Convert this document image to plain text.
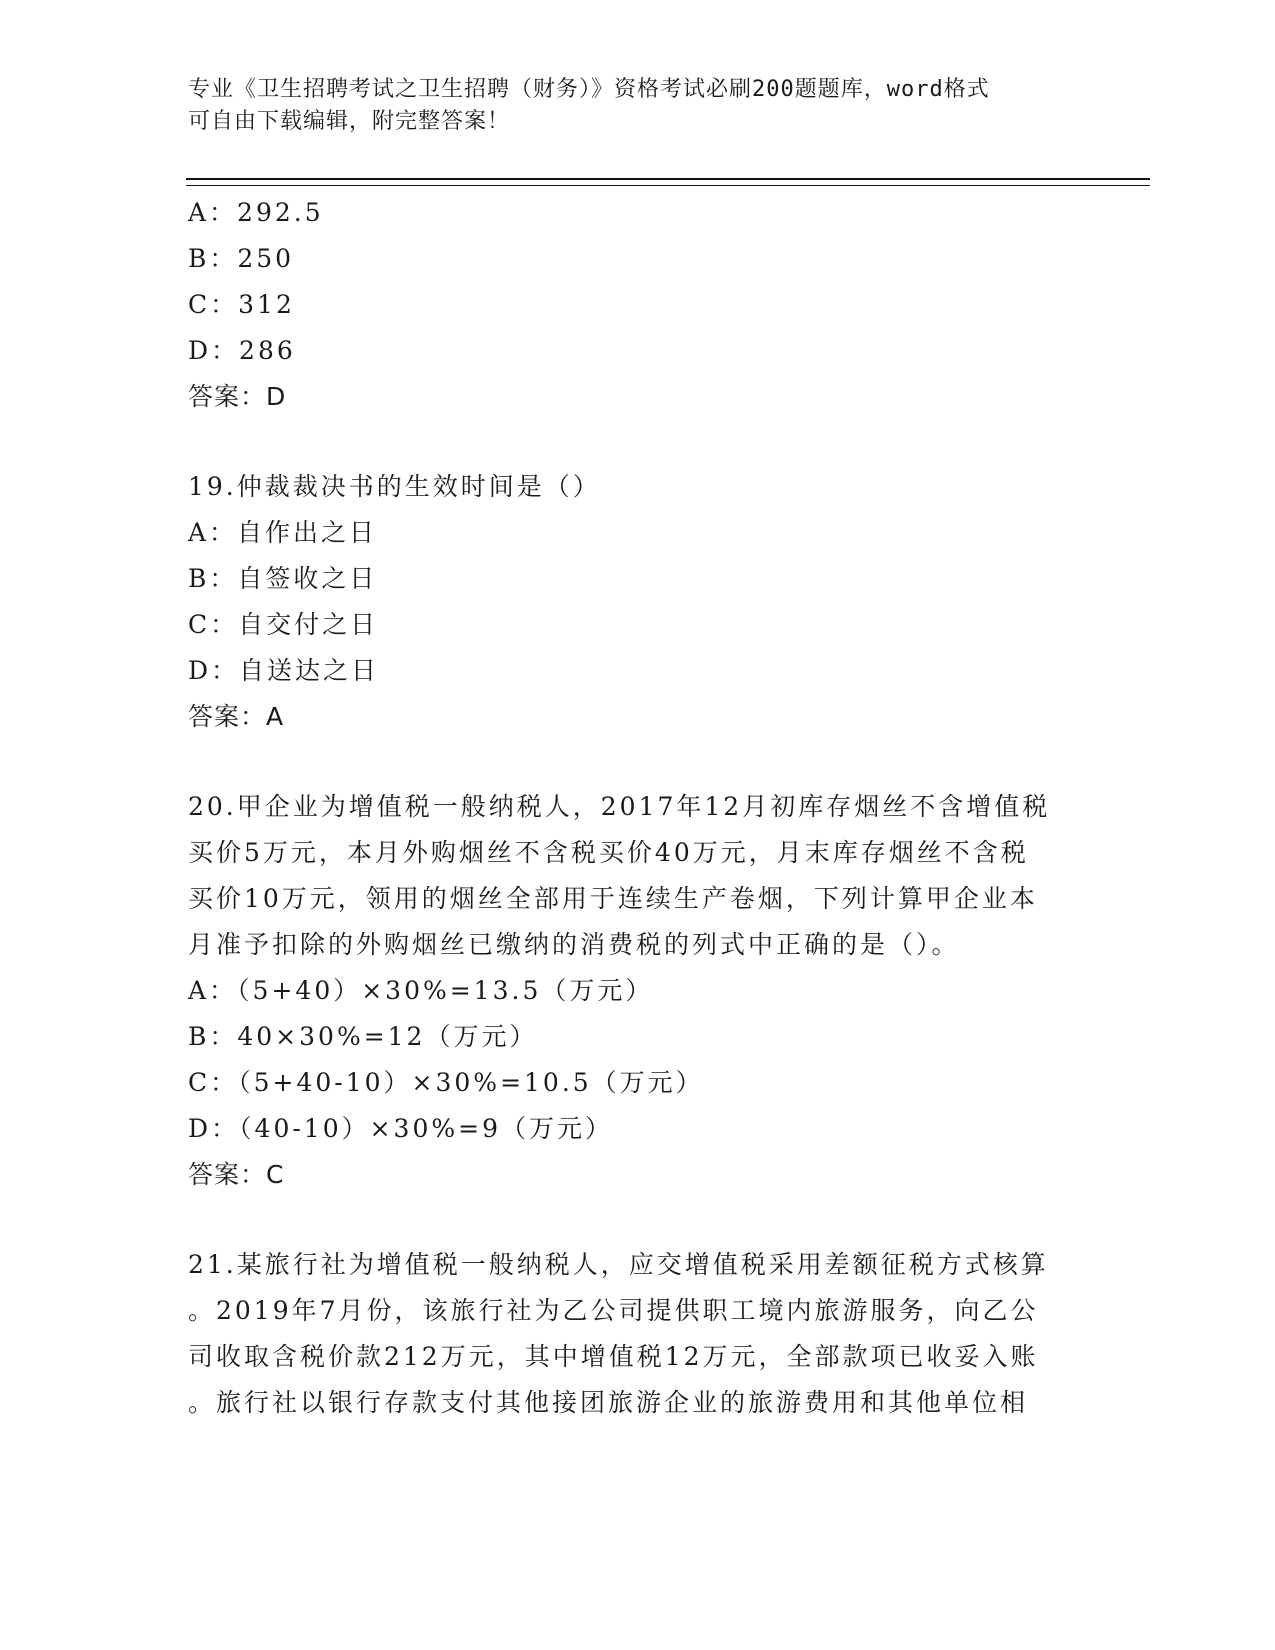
专业《卫生招聘考试之卫生招聘（财务）》资格考试必刷200题题库，word格式
可自由下载编辑，附完整答案！
A：292.5
B：250
C：312
D：286
答案：D
19.仲裁裁决书的生效时间是（）
A：自作出之日
B：自签收之日
C：自交付之日
D：自送达之日
答案：A
20.甲企业为增值税一般纳税人，2017年12月初库存烟丝不含增值税
买价5万元，本月外购烟丝不含税买价40万元，月末库存烟丝不含税
买价10万元，领用的烟丝全部用于连续生产卷烟，下列计算甲企业本
月准予扣除的外购烟丝已缴纳的消费税的列式中正确的是（）。
A：（5+40）×30%=13.5（万元）
B：40×30%=12（万元）
C：（5+40-10）×30%=10.5（万元）
D：（40-10）×30%=9（万元）
答案：C
21.某旅行社为增值税一般纳税人，应交增值税采用差额征税方式核算
。2019年7月份，该旅行社为乙公司提供职工境内旅游服务，向乙公
司收取含税价款212万元，其中增值税12万元，全部款项已收妥入账
。旅行社以银行存款支付其他接团旅游企业的旅游费用和其他单位相
